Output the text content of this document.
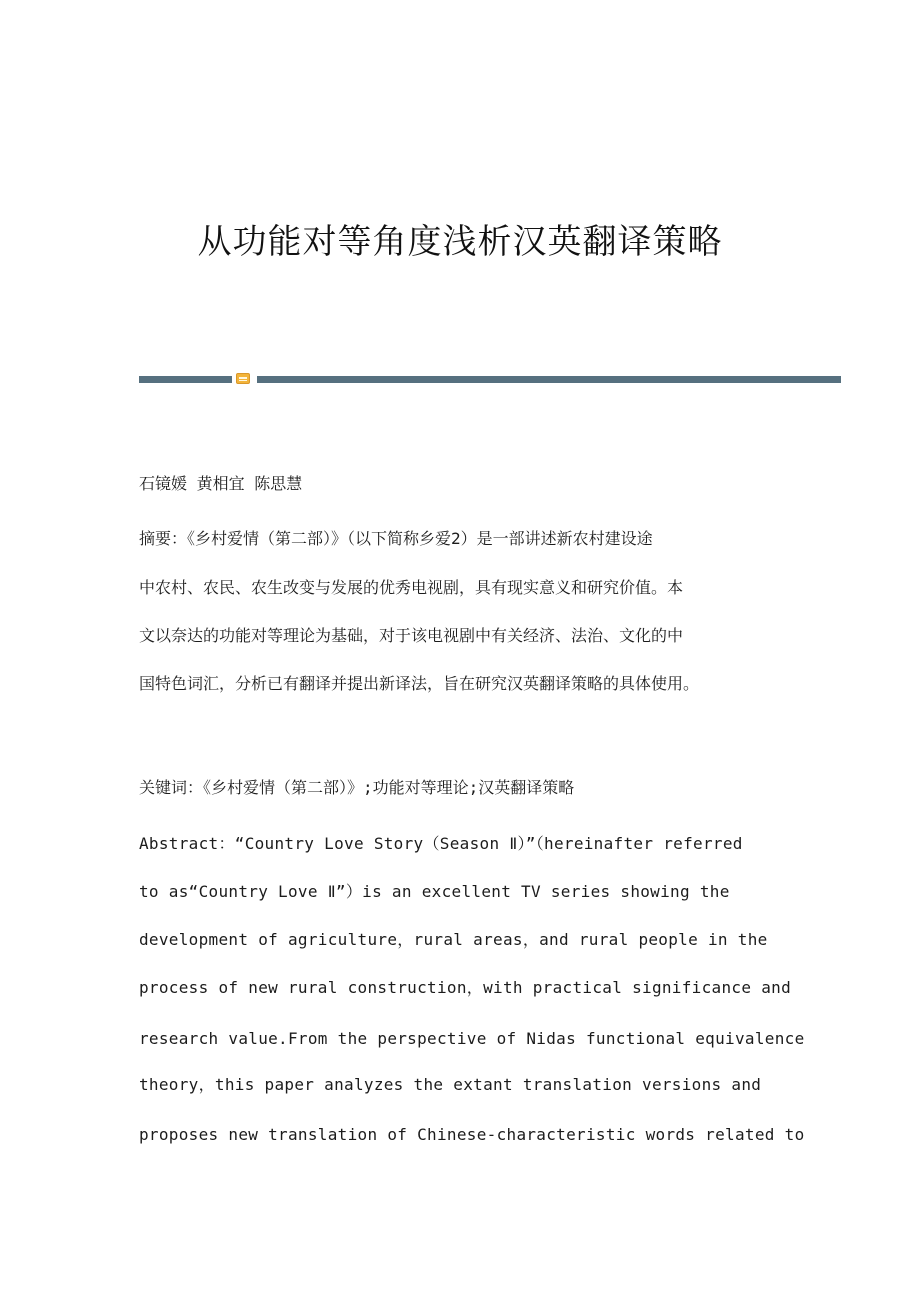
从功能对等角度浅析汉英翻译策略
石镜媛 黄相宜 陈思慧
摘要：《乡村爱情（第二部）》（以下简称乡爱2）是一部讲述新农村建设途
中农村、农民、农生改变与发展的优秀电视剧，具有现实意义和研究价值。本
文以奈达的功能对等理论为基础，对于该电视剧中有关经济、法治、文化的中
国特色词汇，分析已有翻译并提出新译法，旨在研究汉英翻译策略的具体使用。
关键词：《乡村爱情（第二部）》;功能对等理论;汉英翻译策略
Abstract：“Country Love Story（Season Ⅱ）”（hereinafter referred
to as“Country Love Ⅱ”）is an excellent TV series showing the
development of agriculture，rural areas，and rural people in the
process of new rural construction，with practical significance and
research value.From the perspective of Nidas functional equivalence
theory，this paper analyzes the extant translation versions and
proposes new translation of Chinese-characteristic words related to
